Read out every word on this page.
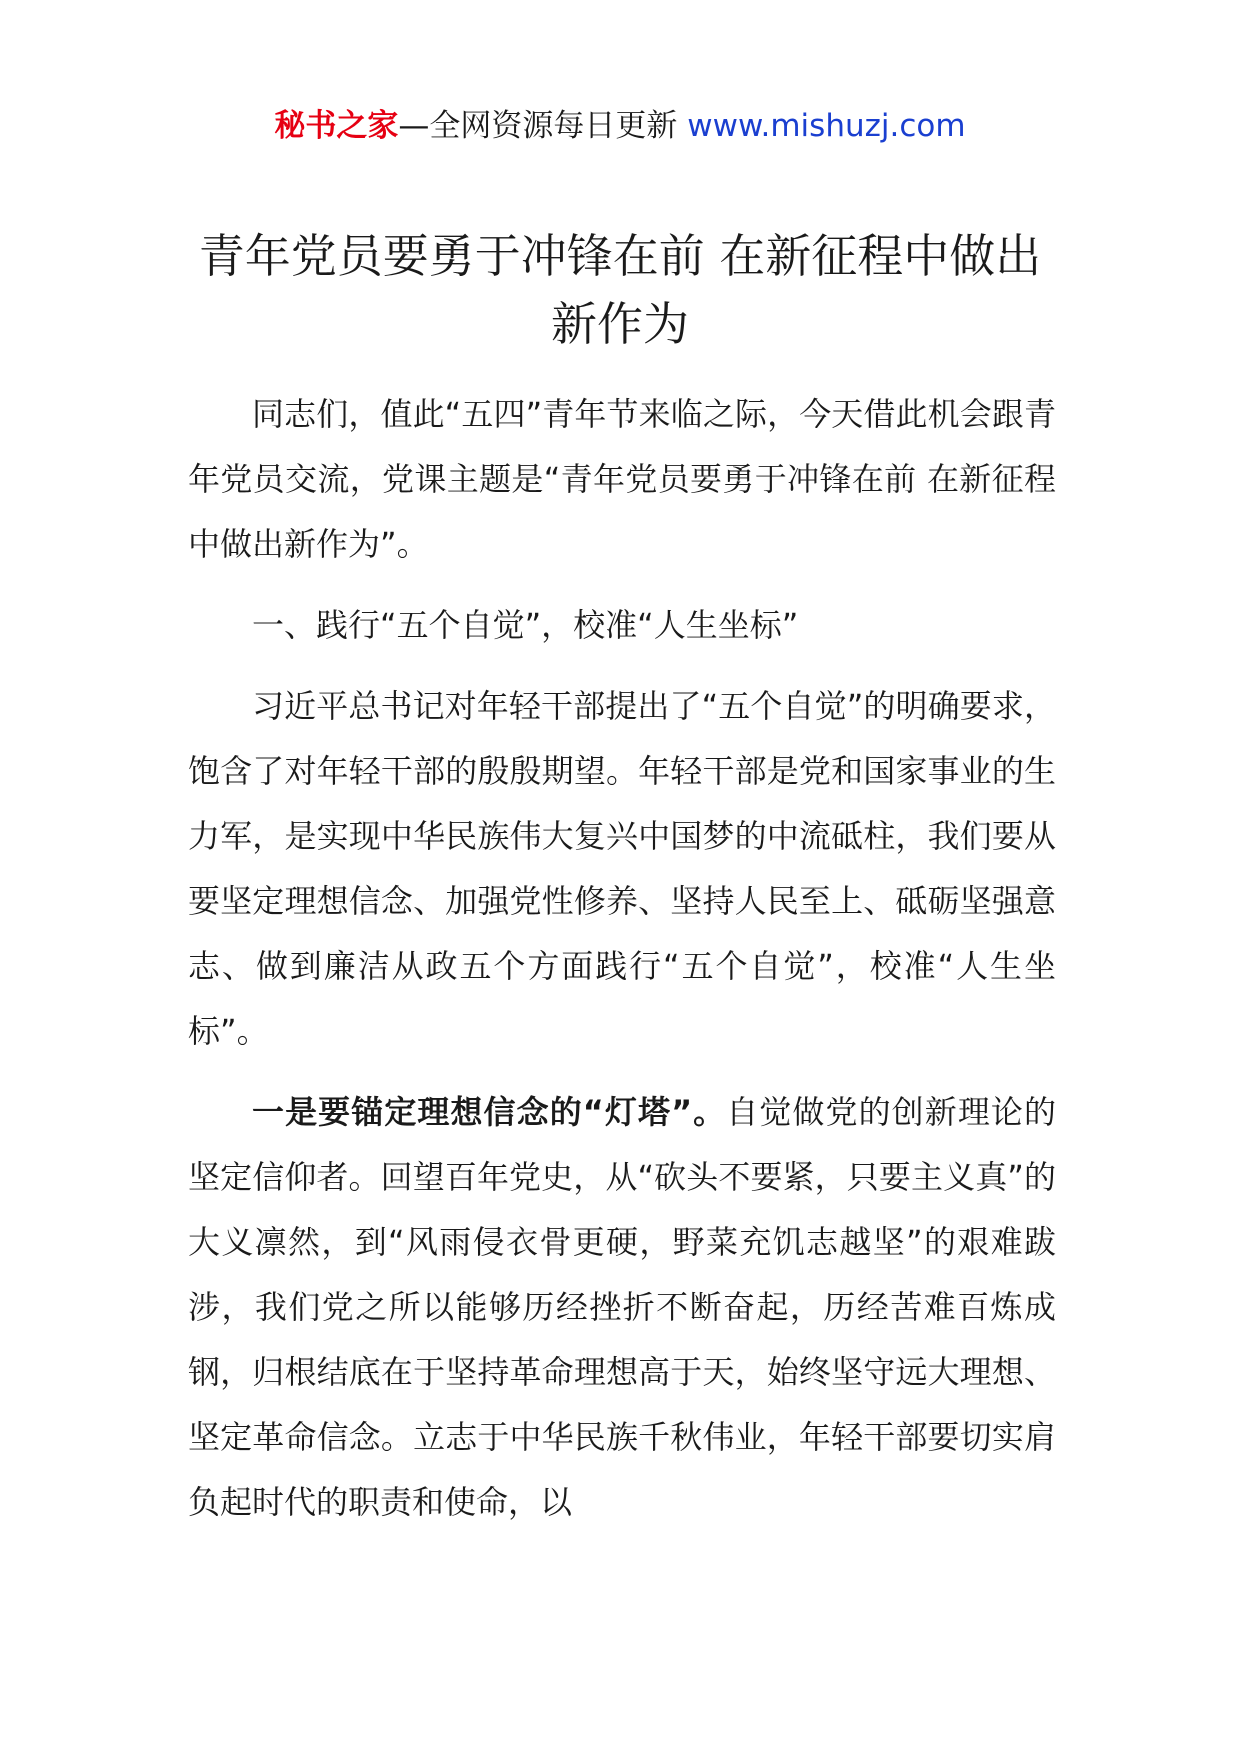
秘书之家—全网资源每日更新 www.mishuzj.com
青年党员要勇于冲锋在前 在新征程中做出新作为

同志们，值此“五四”青年节来临之际，今天借此机会跟青年党员交流，党课主题是“青年党员要勇于冲锋在前 在新征程中做出新作为”。

一、践行“五个自觉”，校准“人生坐标”

习近平总书记对年轻干部提出了“五个自觉”的明确要求，饱含了对年轻干部的殷殷期望。年轻干部是党和国家事业的生力军，是实现中华民族伟大复兴中国梦的中流砥柱，我们要从要坚定理想信念、加强党性修养、坚持人民至上、砥砺坚强意志、做到廉洁从政五个方面践行“五个自觉”，校准“人生坐标”。

一是要锚定理想信念的“灯塔”。自觉做党的创新理论的坚定信仰者。回望百年党史，从“砍头不要紧，只要主义真”的大义凛然，到“风雨侵衣骨更硬，野菜充饥志越坚”的艰难跋涉，我们党之所以能够历经挫折不断奋起，历经苦难百炼成钢，归根结底在于坚持革命理想高于天，始终坚守远大理想、坚定革命信念。立志于中华民族千秋伟业，年轻干部要切实肩负起时代的职责和使命，以
